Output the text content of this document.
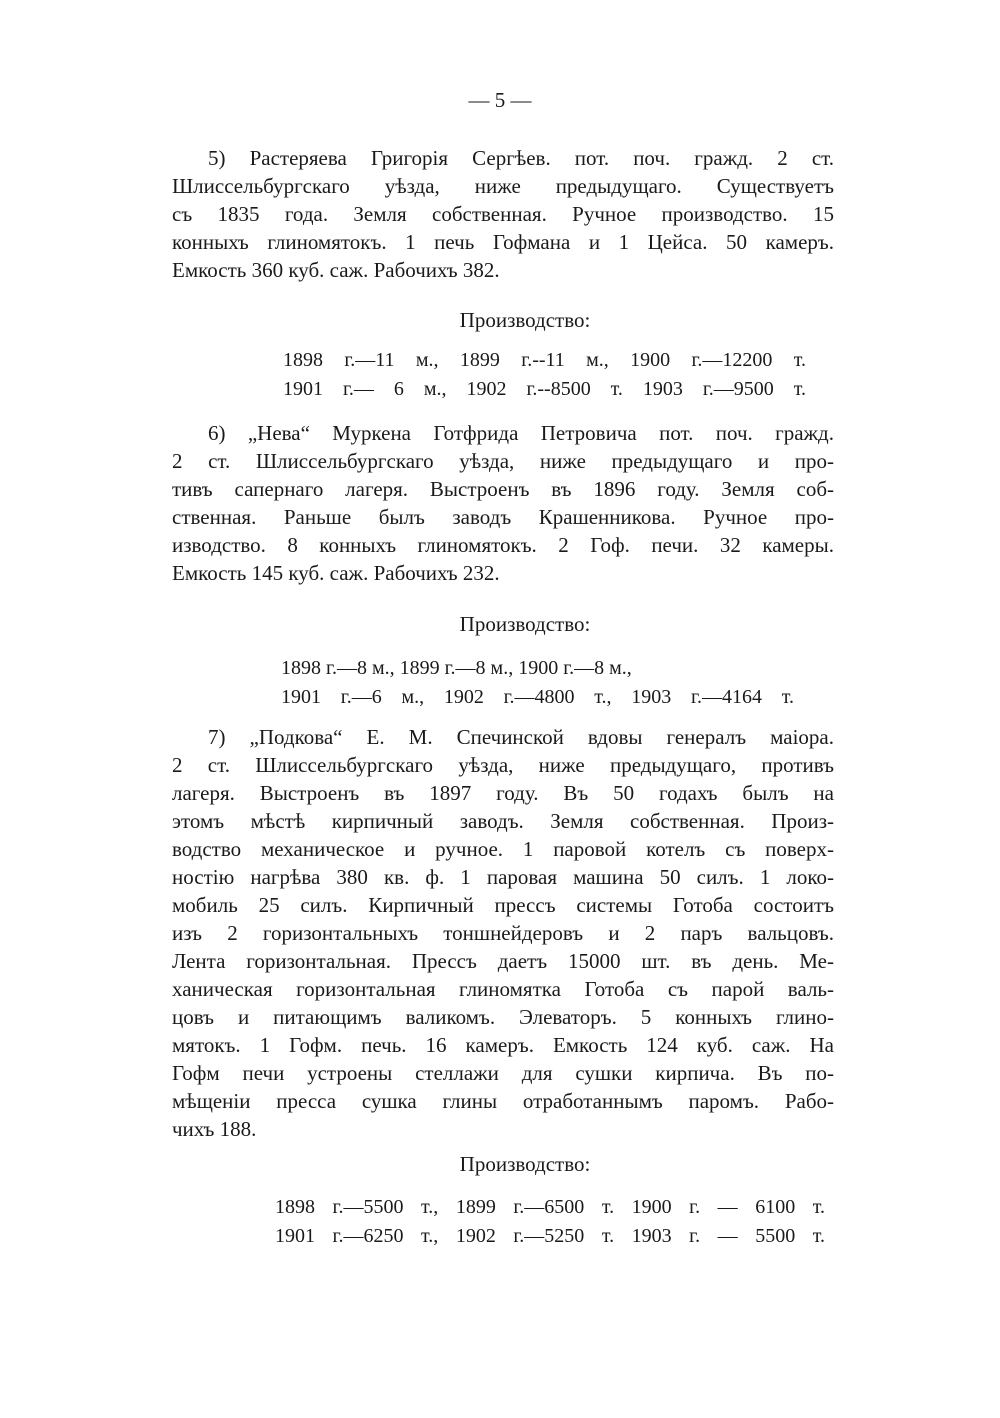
— 5 —
5) Растеряева Григорія Сергѣев. пот. поч. гражд. 2 ст.
Шлиссельбургскаго уѣзда, ниже предыдущаго. Существуетъ
съ 1835 года. Земля собственная. Ручное производство. 15
конныхъ глиномятокъ. 1 печь Гофмана и 1 Цейса. 50 камеръ.
Емкость 360 куб. саж. Рабочихъ 382.
Производство:
1898 г.—11 м., 1899 г.--11 м., 1900 г.—12200 т.
1901 г.— 6 м., 1902 г.--8500 т. 1903 г.—9500 т.
6) „Нева“ Муркена Готфрида Петровича пот. поч. гражд.
2 ст. Шлиссельбургскаго уѣзда, ниже предыдущаго и про-
тивъ сапернаго лагеря. Выстроенъ въ 1896 году. Земля соб-
ственная. Раньше былъ заводъ Крашенникова. Ручное про-
изводство. 8 конныхъ глиномятокъ. 2 Гоф. печи. 32 камеры.
Емкость 145 куб. саж. Рабочихъ 232.
Производство:
1898 г.—8 м., 1899 г.—8 м., 1900 г.—8 м.,
1901 г.—6 м., 1902 г.—4800 т., 1903 г.—4164 т.
7) „Подкова“ Е. М. Спечинской вдовы генералъ маіора.
2 ст. Шлиссельбургскаго уѣзда, ниже предыдущаго, противъ
лагеря. Выстроенъ въ 1897 году. Въ 50 годахъ былъ на
этомъ мѣстѣ кирпичный заводъ. Земля собственная. Произ-
водство механическое и ручное. 1 паровой котелъ съ поверх-
ностію нагрѣва 380 кв. ф. 1 паровая машина 50 силъ. 1 локо-
мобиль 25 силъ. Кирпичный прессъ системы Готоба состоитъ
изъ 2 горизонтальныхъ тоншнейдеровъ и 2 паръ вальцовъ.
Лента горизонтальная. Прессъ даетъ 15000 шт. въ день. Ме-
ханическая горизонтальная глиномятка Готоба съ парой валь-
цовъ и питающимъ валикомъ. Элеваторъ. 5 конныхъ глино-
мятокъ. 1 Гофм. печь. 16 камеръ. Емкость 124 куб. саж. На
Гофм печи устроены стеллажи для сушки кирпича. Въ по-
мѣщеніи пресса сушка глины отработаннымъ паромъ. Рабо-
чихъ 188.
Производство:
1898 г.—5500 т., 1899 г.—6500 т. 1900 г. — 6100 т.
1901 г.—6250 т., 1902 г.—5250 т. 1903 г. — 5500 т.
